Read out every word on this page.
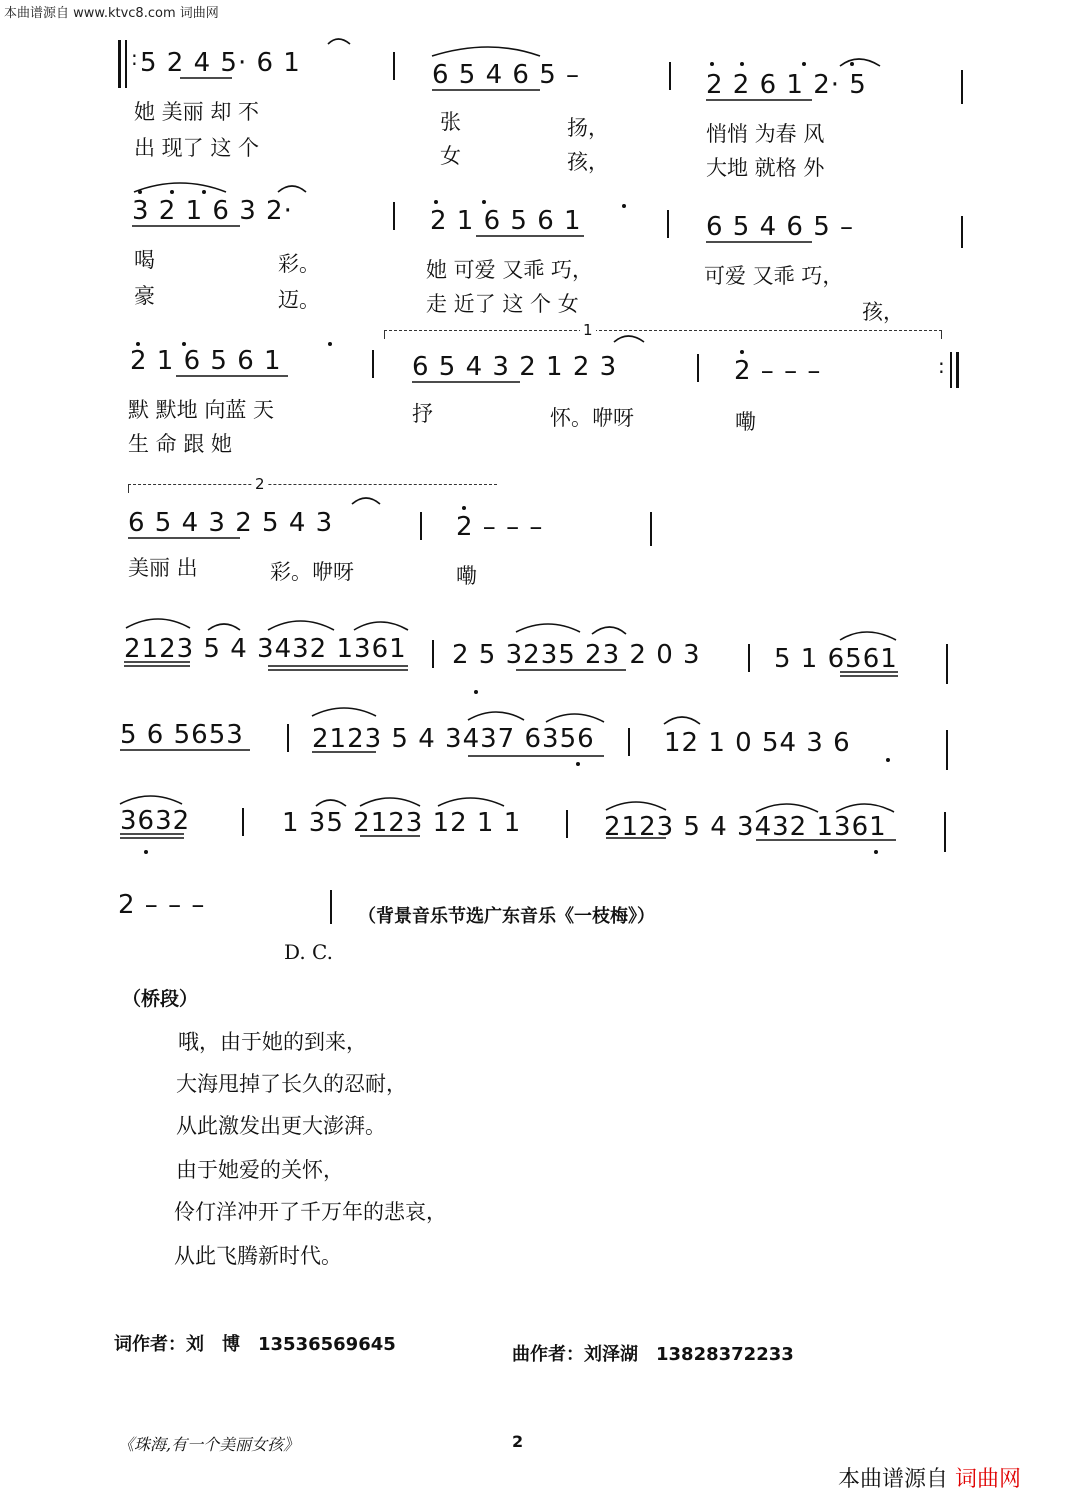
本曲谱源自 www.ktvc8.com 词曲网
: 5 2 4 5· 6 1	6 5 4 6 5 –	2 2 6 1 2· 5
她 美丽 却 不	张	扬，	悄悄 为春 风
出 现了 这 个	女	孩，	大地 就格 外
3 2 1 6 3 2·	2 1 6 5 6 1	6 5 4 6 5 –
喝	彩。	她 可爱 又乖 巧，	可爱 又乖 巧，
豪	迈。	走 近了 这 个 女	孩，
1
2 1 6 5 6 1	6 5 4 3 2 1 2 3	2 – – –	:
默 默地 向蓝 天	抒	怀。咿呀	嘞
生 命 跟 她
2
6 5 4 3 2 5 4 3	2 – – –
美丽 出	彩。咿呀	嘞
2123 5 4 3432 1361 2 5 3235 23 2 0 3	5 1 6561
5 6 5653	2123 5 4 3437 6356	12 1 0 54 3 6
3632	1 35 2123 12 1 1	2123 5 4 3432 1361
2 – – –	（背景音乐节选广东音乐《一枝梅》）
D. C.
（桥段）
哦，由于她的到来，
大海甩掉了长久的忍耐，
从此激发出更大澎湃。
由于她爱的关怀，
伶仃洋冲开了千万年的悲哀，
从此飞腾新时代。
词作者：刘　博　13536569645	曲作者：刘泽湖　13828372233
《珠海,有一个美丽女孩》	2
本曲谱源自 词曲网
